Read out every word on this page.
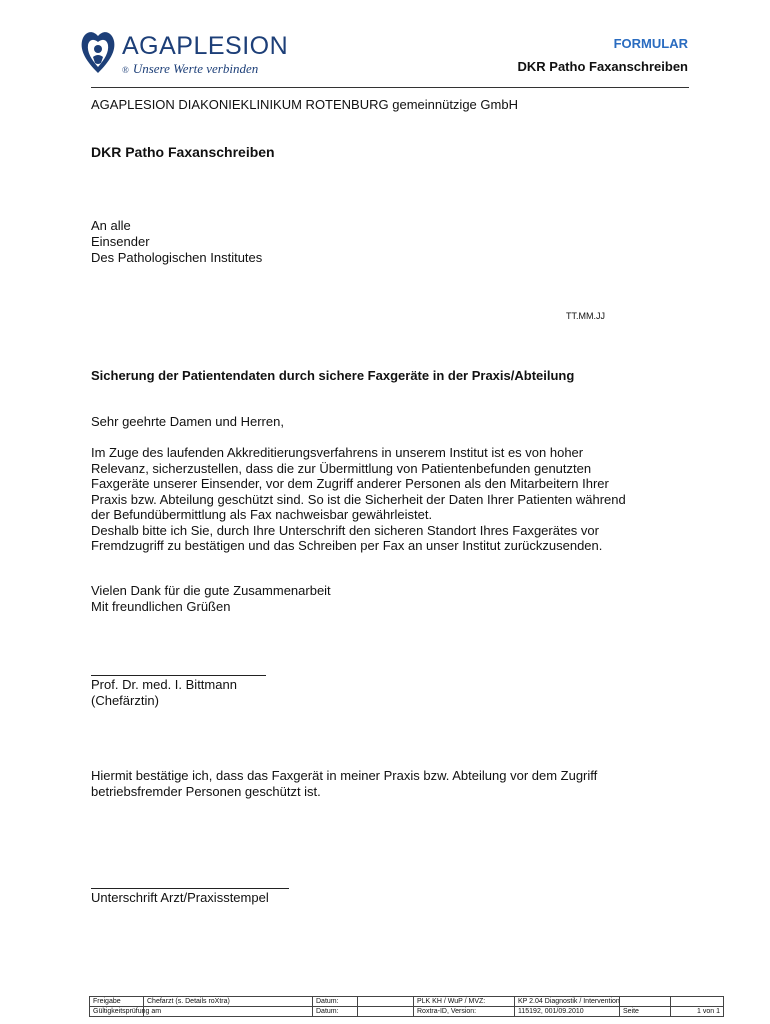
AGAPLESION
® Unsere Werte verbinden
FORMULAR
DKR Patho Faxanschreiben
AGAPLESION DIAKONIEKLINIKUM ROTENBURG gemeinnützige GmbH
DKR Patho Faxanschreiben
An alle
Einsender
Des Pathologischen Institutes
TT.MM.JJ
Sicherung der Patientendaten durch sichere Faxgeräte in der Praxis/Abteilung
Sehr geehrte Damen und Herren,
Im Zuge des laufenden Akkreditierungsverfahrens in unserem Institut ist es von hoher
Relevanz, sicherzustellen, dass die zur Übermittlung von Patientenbefunden genutzten
Faxgeräte unserer Einsender, vor dem Zugriff anderer Personen als den Mitarbeitern Ihrer
Praxis bzw. Abteilung geschützt sind. So ist die Sicherheit der Daten Ihrer Patienten während
der Befundübermittlung als Fax nachweisbar gewährleistet.
Deshalb bitte ich Sie, durch Ihre Unterschrift den sicheren Standort Ihres Faxgerätes vor
Fremdzugriff zu bestätigen und das Schreiben per Fax an unser Institut zurückzusenden.
Vielen Dank für die gute Zusammenarbeit
Mit freundlichen Grüßen
Prof. Dr. med. I. Bittmann
(Chefärztin)
Hiermit bestätige ich, dass das Faxgerät in meiner Praxis bzw. Abteilung vor dem Zugriff
betriebsfremder Personen geschützt ist.
Unterschrift Arzt/Praxisstempel
Freigabe	Chefarzt (s. Details roXtra)	Datum:		PLK KH / WuP / MVZ:	KP 2.04 Diagnostik / Intervention		
Gültigkeitsprüfung am		Datum:		Roxtra-ID, Version:	115192, 001/09.2010	Seite	1 von 1
